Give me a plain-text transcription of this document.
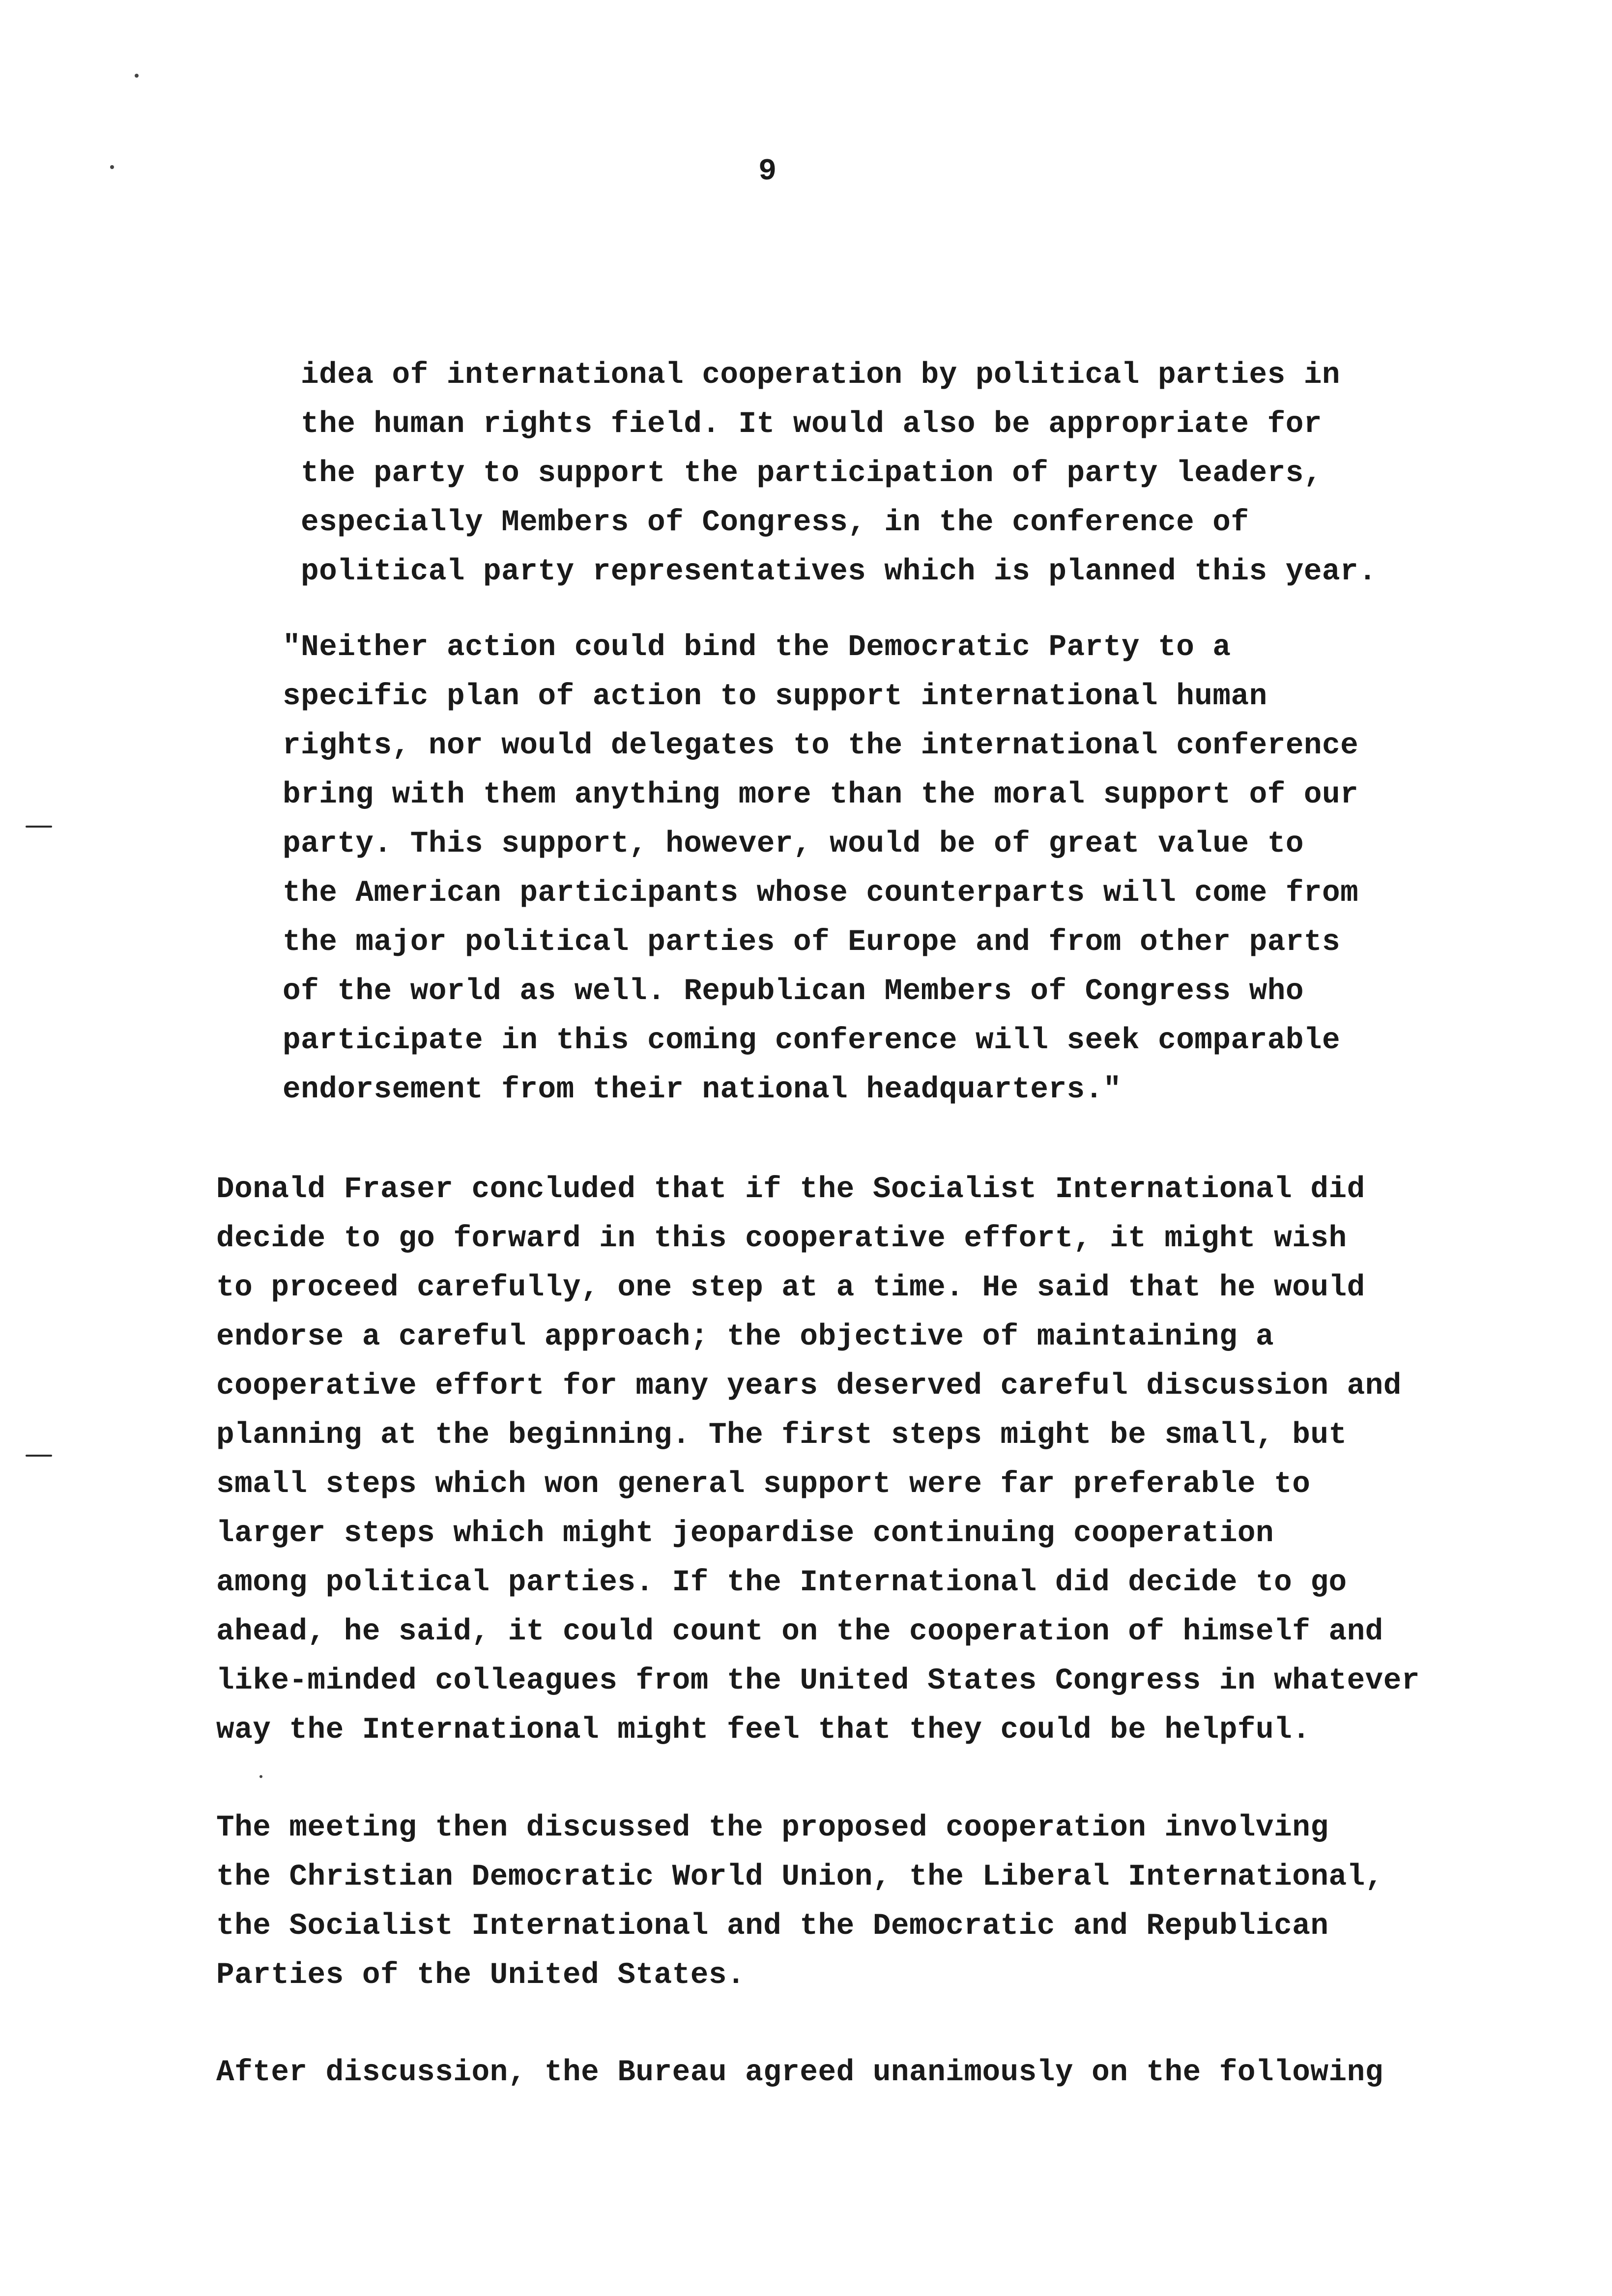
9
idea of international cooperation by political parties in
the human rights field. It would also be appropriate for
the party to support the participation of party leaders,
especially Members of Congress, in the conference of
political party representatives which is planned this year.
"Neither action could bind the Democratic Party to a
specific plan of action to support international human
rights, nor would delegates to the international conference
bring with them anything more than the moral support of our
party. This support, however, would be of great value to
the American participants whose counterparts will come from
the major political parties of Europe and from other parts
of the world as well. Republican Members of Congress who
participate in this coming conference will seek comparable
endorsement from their national headquarters."
Donald Fraser concluded that if the Socialist International did
decide to go forward in this cooperative effort, it might wish
to proceed carefully, one step at a time. He said that he would
endorse a careful approach; the objective of maintaining a
cooperative effort for many years deserved careful discussion and
planning at the beginning. The first steps might be small, but
small steps which won general support were far preferable to
larger steps which might jeopardise continuing cooperation
among political parties. If the International did decide to go
ahead, he said, it could count on the cooperation of himself and
like-minded colleagues from the United States Congress in whatever
way the International might feel that they could be helpful.
The meeting then discussed the proposed cooperation involving
the Christian Democratic World Union, the Liberal International,
the Socialist International and the Democratic and Republican
Parties of the United States.
After discussion, the Bureau agreed unanimously on the following
